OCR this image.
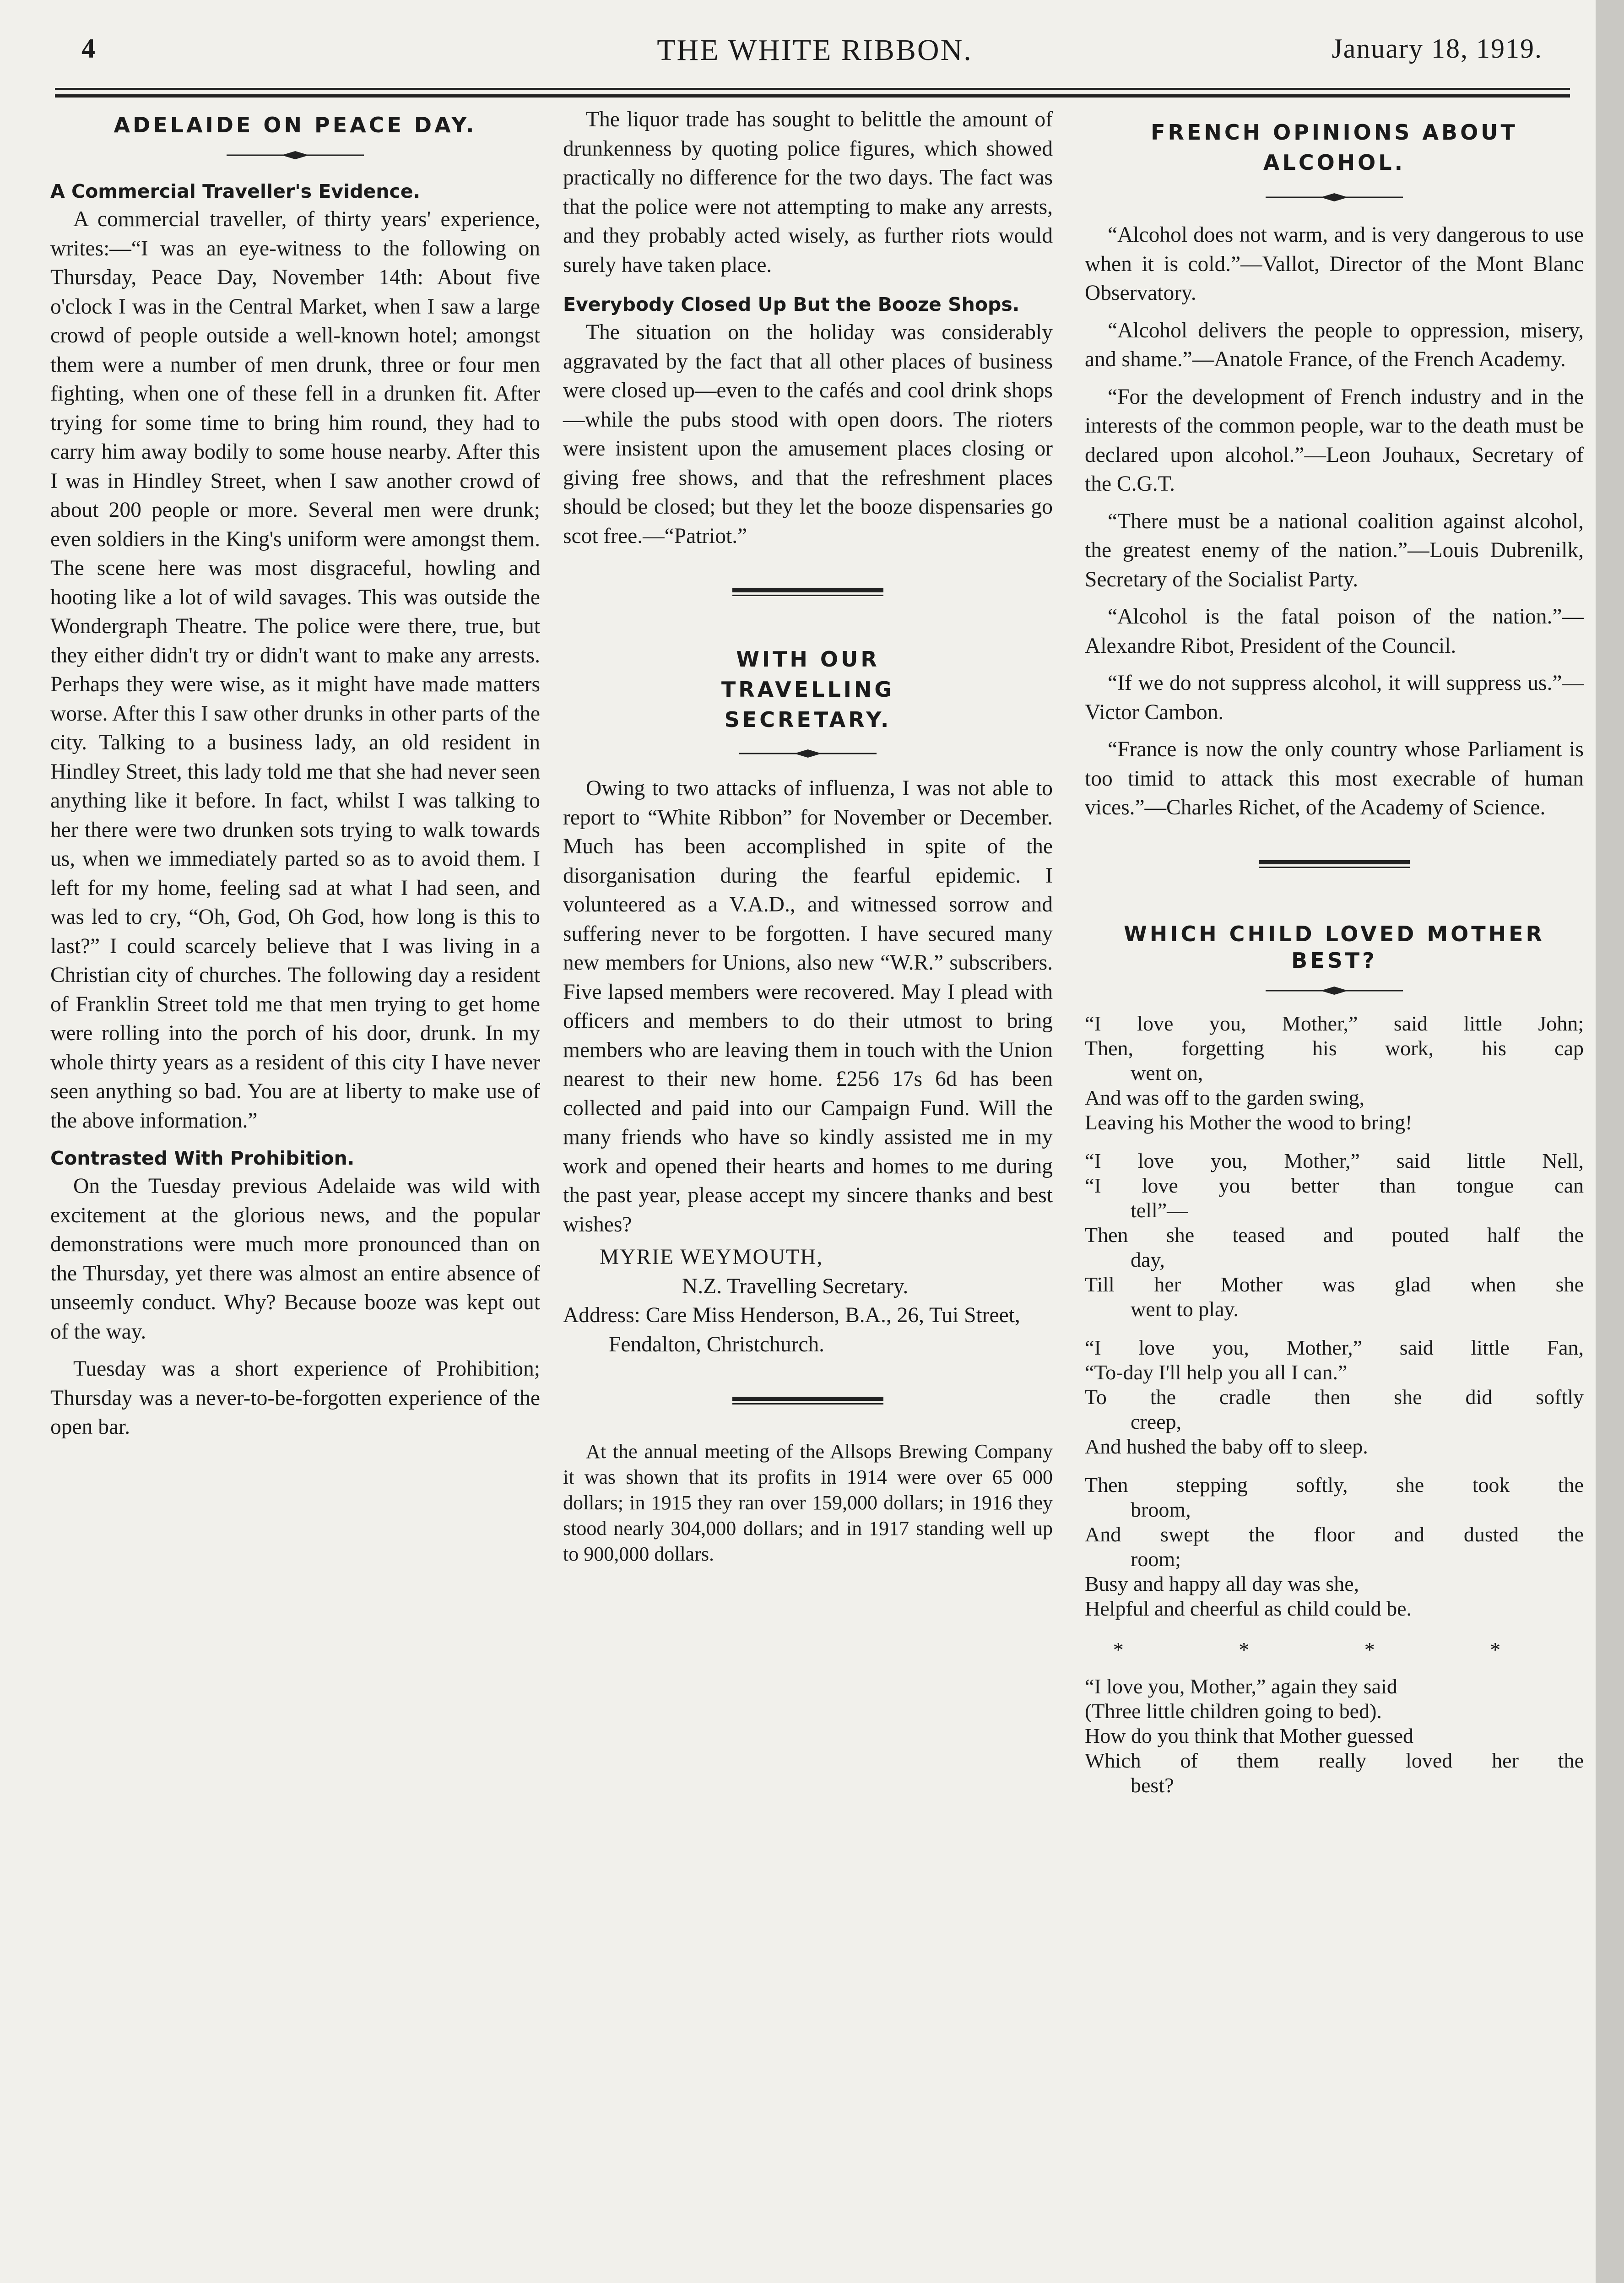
4	THE WHITE RIBBON.	January 18, 1919.
ADELAIDE ON PEACE DAY.
A Commercial Traveller's Evidence.

A commercial traveller, of thirty years' experience, writes:—“I was an eye-witness to the following on Thursday, Peace Day, November 14th: About five o'clock I was in the Central Market, when I saw a large crowd of people outside a well-known hotel; amongst them were a number of men drunk, three or four men fighting, when one of these fell in a drunken fit. After trying for some time to bring him round, they had to carry him away bodily to some house nearby. After this I was in Hindley Street, when I saw another crowd of about 200 people or more. Several men were drunk; even soldiers in the King's uniform were amongst them. The scene here was most disgraceful, howling and hooting like a lot of wild savages. This was outside the Wondergraph Theatre. The police were there, true, but they either didn't try or didn't want to make any arrests. Perhaps they were wise, as it might have made matters worse. After this I saw other drunks in other parts of the city. Talking to a business lady, an old resident in Hindley Street, this lady told me that she had never seen anything like it before. In fact, whilst I was talking to her there were two drunken sots trying to walk towards us, when we immediately parted so as to avoid them. I left for my home, feeling sad at what I had seen, and was led to cry, “Oh, God, Oh God, how long is this to last?” I could scarcely believe that I was living in a Christian city of churches. The following day a resident of Franklin Street told me that men trying to get home were rolling into the porch of his door, drunk. In my whole thirty years as a resident of this city I have never seen anything so bad. You are at liberty to make use of the above information.”

Contrasted With Prohibition.

On the Tuesday previous Adelaide was wild with excitement at the glorious news, and the popular demonstrations were much more pronounced than on the Thursday, yet there was almost an entire absence of unseemly conduct. Why? Because booze was kept out of the way.

Tuesday was a short experience of Prohibition; Thursday was a never-to-be-forgotten experience of the open bar.

The liquor trade has sought to belittle the amount of drunkenness by quoting police figures, which showed practically no difference for the two days. The fact was that the police were not attempting to make any arrests, and they probably acted wisely, as further riots would surely have taken place.

Everybody Closed Up But the Booze Shops.

The situation on the holiday was considerably aggravated by the fact that all other places of business were closed up—even to the cafés and cool drink shops—while the pubs stood with open doors. The rioters were insistent upon the amusement places closing or giving free shows, and that the refreshment places should be closed; but they let the booze dispensaries go scot free.—“Patriot.”

WITH OUR TRAVELLING SECRETARY.

Owing to two attacks of influenza, I was not able to report to “White Ribbon” for November or December. Much has been accomplished in spite of the disorganisation during the fearful epidemic. I volunteered as a V.A.D., and witnessed sorrow and suffering never to be forgotten. I have secured many new members for Unions, also new “W.R.” subscribers. Five lapsed members were recovered. May I plead with officers and members to do their utmost to bring members who are leaving them in touch with the Union nearest to their new home. £256 17s 6d has been collected and paid into our Campaign Fund. Will the many friends who have so kindly assisted me in my work and opened their hearts and homes to me during the past year, please accept my sincere thanks and best wishes?

MYRIE WEYMOUTH,

N.Z. Travelling Secretary.

Address: Care Miss Henderson, B.A., 26, Tui Street, Fendalton, Christchurch.

At the annual meeting of the Allsops Brewing Company it was shown that its profits in 1914 were over 65 000 dollars; in 1915 they ran over 159,000 dollars; in 1916 they stood nearly 304,000 dollars; and in 1917 standing well up to 900,000 dollars.

FRENCH OPINIONS ABOUT ALCOHOL.

“Alcohol does not warm, and is very dangerous to use when it is cold.”—Vallot, Director of the Mont Blanc Observatory.

“Alcohol delivers the people to oppression, misery, and shame.”—Anatole France, of the French Academy.

“For the development of French industry and in the interests of the common people, war to the death must be declared upon alcohol.”—Leon Jouhaux, Secretary of the C.G.T.

“There must be a national coalition against alcohol, the greatest enemy of the nation.”—Louis Dubrenilk, Secretary of the Socialist Party.

“Alcohol is the fatal poison of the nation.”—Alexandre Ribot, President of the Council.

“If we do not suppress alcohol, it will suppress us.”—Victor Cambon.

“France is now the only country whose Parliament is too timid to attack this most execrable of human vices.”—Charles Richet, of the Academy of Science.

WHICH CHILD LOVED MOTHER BEST?
“I love you, Mother,” said little John;
Then, forgetting his work, his cap
went on,
And was off to the garden swing,
Leaving his Mother the wood to bring!
“I love you, Mother,” said little Nell,
“I love you better than tongue can
tell”—
Then she teased and pouted half the
day,
Till her Mother was glad when she
went to play.
“I love you, Mother,” said little Fan,
“To-day I'll help you all I can.”
To the cradle then she did softly
creep,
And hushed the baby off to sleep.
Then stepping softly, she took the
broom,
And swept the floor and dusted the
room;
Busy and happy all day was she,
Helpful and cheerful as child could be.
* * * *
“I love you, Mother,” again they said
(Three little children going to bed).
How do you think that Mother guessed
Which of them really loved her the
best?
